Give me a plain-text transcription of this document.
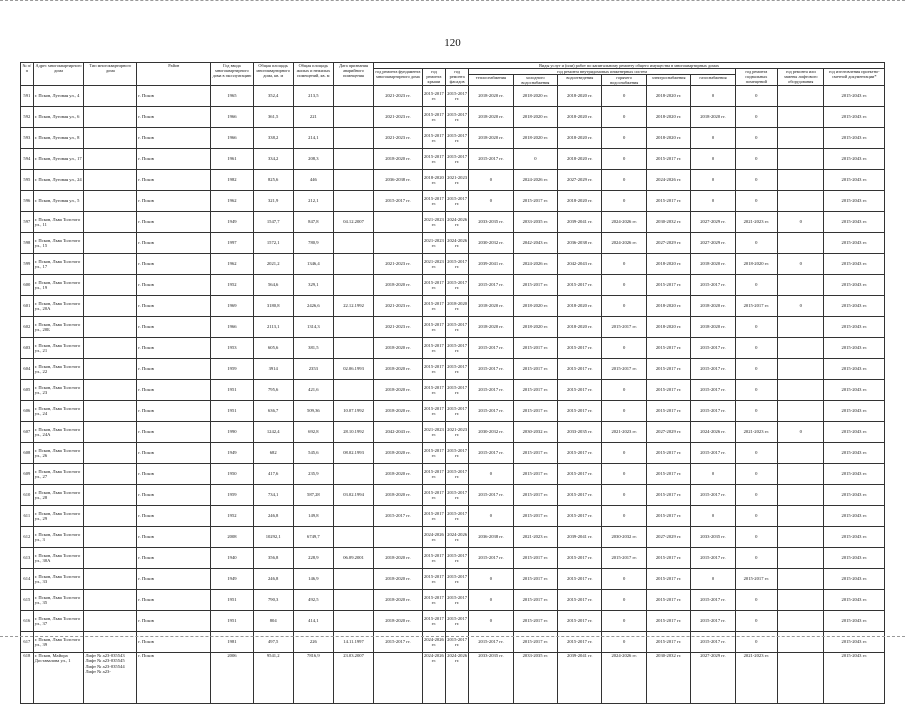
120
№ п/п	Адрес многоквартирного дома	Тип многоквартирного дома	Район	Год ввода многоквартирного дома в эксплуатацию	Общая площадь многоквартирного дома, кв. м	Общая площадь жилых и нежилых помещений, кв. м	Дата признания аварийного помещения	Виды услуг и (или) работ по капитальному ремонту общего имущества в многоквартирных домах											
								год ремонта фундамента многоквартирного дома	год ремонта крыши	год ремонта фасадов	год ремонта внутридомовых инженерных систем						год ремонта подвальных помещений	год ремонта или замены лифтового оборудования	год изготовления проектно-сметной документации*
											теплоснабжения	холодного водоснабжения	водоотведения	горячего водоснабжения	электроснабжения	газоснабжения			
591	г. Псков, Луговая ул., 4		г. Псков	1965	352,4	213,5		2021-2023 гг.	2015-2017 гг.	2015-2017 гг.	2018-2020 гг.	2018-2020 гг.	2018-2020 гг.	0	2018-2020 гг.	0	0		2015-2043 гг.
592	г. Псков, Луговая ул., 6		г. Псков	1966	361,5	221		2021-2023 гг.	2015-2017 гг.	2015-2017 гг.	2018-2020 гг.	2018-2020 гг.	2018-2020 гг.	0	2018-2020 гг.	2018-2020 гг.	0		2015-2043 гг.
593	г. Псков, Луговая ул., 8		г. Псков	1966	338,2	214,1		2021-2023 гг.	2015-2017 гг.	2015-2017 гг.	2018-2020 гг.	2018-2020 гг.	2018-2020 гг.	0	2018-2020 гг.	0	0		2015-2043 гг.
594	г. Псков, Луговая ул., 17		г. Псков	1961	334,2	208,3		2018-2020 гг.	2015-2017 гг.	2015-2017 гг.	2015-2017 гг.	0	2018-2020 гг.	0	2015-2017 гг.	0	0		2015-2043 гг.
595	г. Псков, Луговая ул., 24		г. Псков	1982	825,6	446		2036-2038 гг.	2018-2020 гг.	2021-2023 гг.	0	2024-2026 гг.	2027-2029 гг.	0	2024-2026 гг.	0	0		2015-2043 гг.
596	г. Псков, Луговая ул., 5		г. Псков	1962	321,9	212,1		2015-2017 гг.	2015-2017 гг.	2015-2017 гг.	0	2015-2017 гг.	2018-2020 гг.	0	2015-2017 гг.	0	0		2015-2043 гг.
597	г. Псков, Льва Толстого ул., 11		г. Псков	1949	1547,7	847,8	04.12.2007		2021-2023 гг.	2024-2026 гг.	2033-2035 гг.	2033-2035 гг.	2039-2041 гг.	2024-2026 гг.	2030-2032 гг.	2027-2029 гг.	2021-2023 гг.	0	2015-2043 гг.
598	г. Псков, Льва Толстого ул., 15		г. Псков	1997	1572,1	780,9			2021-2023 гг.	2024-2026 гг.	2030-2032 гг.	2042-2043 гг.	2036-2038 гг.	2024-2026 гг.	2027-2029 гг.	2027-2029 гг.	0		2015-2043 гг.
599	г. Псков, Льва Толстого ул., 17		г. Псков	1962	2021,2	1346,4		2021-2023 гг.	2021-2023 гг.	2015-2017 гг.	2039-2041 гг.	2024-2026 гг.	2042-2043 гг.	0	2018-2020 гг.	2018-2020 гг.	2018-2020 гг.	0	2015-2043 гг.
600	г. Псков, Льва Толстого ул., 19		г. Псков	1952	564,6	329,1		2018-2020 гг.	2015-2017 гг.	2015-2017 гг.	2015-2017 гг.	2015-2017 гг.	2015-2017 гг.	0	2015-2017 гг.	2015-2017 гг.	0		2015-2043 гг.
601	г. Псков, Льва Толстого ул., 20А		г. Псков	1969	3180,8	2426,6	22.12.1992	2021-2023 гг.	2015-2017 гг.	2018-2020 гг.	2018-2020 гг.	2018-2020 гг.	2018-2020 гг.	0	2018-2020 гг.	2018-2020 гг.	2015-2017 гг.	0	2015-2043 гг.
602	г. Псков, Льва Толстого ул., 20Б		г. Псков	1966	2113,1	1314,3		2021-2023 гг.	2015-2017 гг.	2015-2017 гг.	2018-2020 гг.	2018-2020 гг.	2018-2020 гг.	2015-2017 гг.	2018-2020 гг.	2018-2020 гг.	0		2015-2043 гг.
603	г. Псков, Льва Толстого ул., 21		г. Псков	1953	605,6	381,5		2018-2020 гг.	2015-2017 гг.	2015-2017 гг.	2015-2017 гг.	2015-2017 гг.	2015-2017 гг.	0	2015-2017 гг.	2015-2017 гг.	0		2015-2043 гг.
604	г. Псков, Льва Толстого ул., 22		г. Псков	1959	3914	2353	02.06.1993	2018-2020 гг.	2015-2017 гг.	2015-2017 гг.	2015-2017 гг.	2015-2017 гг.	2015-2017 гг.	2015-2017 гг.	2015-2017 гг.	2015-2017 гг.	0		2015-2043 гг.
605	г. Псков, Льва Толстого ул., 23		г. Псков	1951	795,6	421,6		2018-2020 гг.	2015-2017 гг.	2015-2017 гг.	2015-2017 гг.	2015-2017 гг.	2015-2017 гг.	0	2015-2017 гг.	2015-2017 гг.	0		2015-2043 гг.
606	г. Псков, Льва Толстого ул., 24		г. Псков	1951	636,7	509,36	10.07.1992	2018-2020 гг.	2015-2017 гг.	2015-2017 гг.	2015-2017 гг.	2015-2017 гг.	2015-2017 гг.	0	2015-2017 гг.	2015-2017 гг.	0		2015-2043 гг.
607	г. Псков, Льва Толстого ул., 24А		г. Псков	1990	1242,4	692,8	28.10.1992	2042-2043 гг.	2021-2023 гг.	2021-2023 гг.	2030-2032 гг.	2030-2032 гг.	2033-2035 гг.	2021-2023 гг.	2027-2029 гг.	2024-2026 гг.	2021-2023 гг.	0	2015-2043 гг.
608	г. Псков, Льва Толстого ул., 26		г. Псков	1949	682	545,6	08.02.1993	2018-2020 гг.	2015-2017 гг.	2015-2017 гг.	2015-2017 гг.	2015-2017 гг.	2015-2017 гг.	0	2015-2017 гг.	2015-2017 гг.	0		2015-2043 гг.
609	г. Псков, Льва Толстого ул., 27		г. Псков	1950	417,6	235,9		2018-2020 гг.	2015-2017 гг.	2015-2017 гг.	0	2015-2017 гг.	2015-2017 гг.	0	2015-2017 гг.	0	0		2015-2043 гг.
610	г. Псков, Льва Толстого ул., 28		г. Псков	1959	734,1	587,28	03.02.1994	2018-2020 гг.	2015-2017 гг.	2015-2017 гг.	2015-2017 гг.	2015-2017 гг.	2015-2017 гг.	0	2015-2017 гг.	2015-2017 гг.	0		2015-2043 гг.
611	г. Псков, Льва Толстого ул., 29		г. Псков	1952	246,8	149,8		2015-2017 гг.	2015-2017 гг.	2015-2017 гг.	0	2015-2017 гг.	2015-2017 гг.	0	2015-2017 гг.	0	0		2015-2043 гг.
612	г. Псков, Льва Толстого ул., 3		г. Псков	2008	10292,1	6749,7			2024-2026 гг.	2024-2026 гг.	2036-2038 гг.	2021-2023 гг.	2039-2041 гг.	2030-2032 гг.	2027-2029 гг.	2033-2035 гг.	0		2015-2043 гг.
613	г. Псков, Льва Толстого ул., 30А		г. Псков	1940	356,8	228,9	06.09.2001	2018-2020 гг.	2015-2017 гг.	2015-2017 гг.	2015-2017 гг.	2015-2017 гг.	2015-2017 гг.	2015-2017 гг.	2015-2017 гг.	2015-2017 гг.	0		2015-2043 гг.
614	г. Псков, Льва Толстого ул., 33		г. Псков	1949	246,8	146,9		2018-2020 гг.	2015-2017 гг.	2015-2017 гг.	0	2015-2017 гг.	2015-2017 гг.	0	2015-2017 гг.	0	2015-2017 гг.		2015-2043 гг.
615	г. Псков, Льва Толстого ул., 35		г. Псков	1951	790,3	492,5		2018-2020 гг.	2015-2017 гг.	2015-2017 гг.	0	2015-2017 гг.	2015-2017 гг.	0	2015-2017 гг.	2015-2017 гг.	0		2015-2043 гг.
616	г. Псков, Льва Толстого ул., 37		г. Псков	1951	804	414,1		2018-2020 гг.	2015-2017 гг.	2015-2017 гг.	0	2015-2017 гг.	2015-2017 гг.	0	2015-2017 гг.	2015-2017 гг.	0		2015-2043 гг.
617	г. Псков, Льва Толстого ул., 39		г. Псков	1981	497,5	226	14.11.1997	2015-2017 гг.	2024-2026 гг.	2015-2017 гг.	2015-2017 гг.	2015-2017 гг.	2015-2017 гг.	0	2015-2017 гг.	2015-2017 гг.	0		2015-2043 гг.
618	г. Псков, Майора Доставалова ул., 1	Лифт № а23-035543 Лифт № а23-035545 Лифт № а23-035544 Лифт № а23-	г. Псков	2006	9541,2	7816,9	23.03.2007		2024-2026 гг.	2024-2026 гг.	2033-2035 гг.	2033-2035 гг.	2039-2041 гг.	2024-2026 гг.	2030-2032 гг.	2027-2029 гг.	2021-2023 гг.		2015-2043 гг.
